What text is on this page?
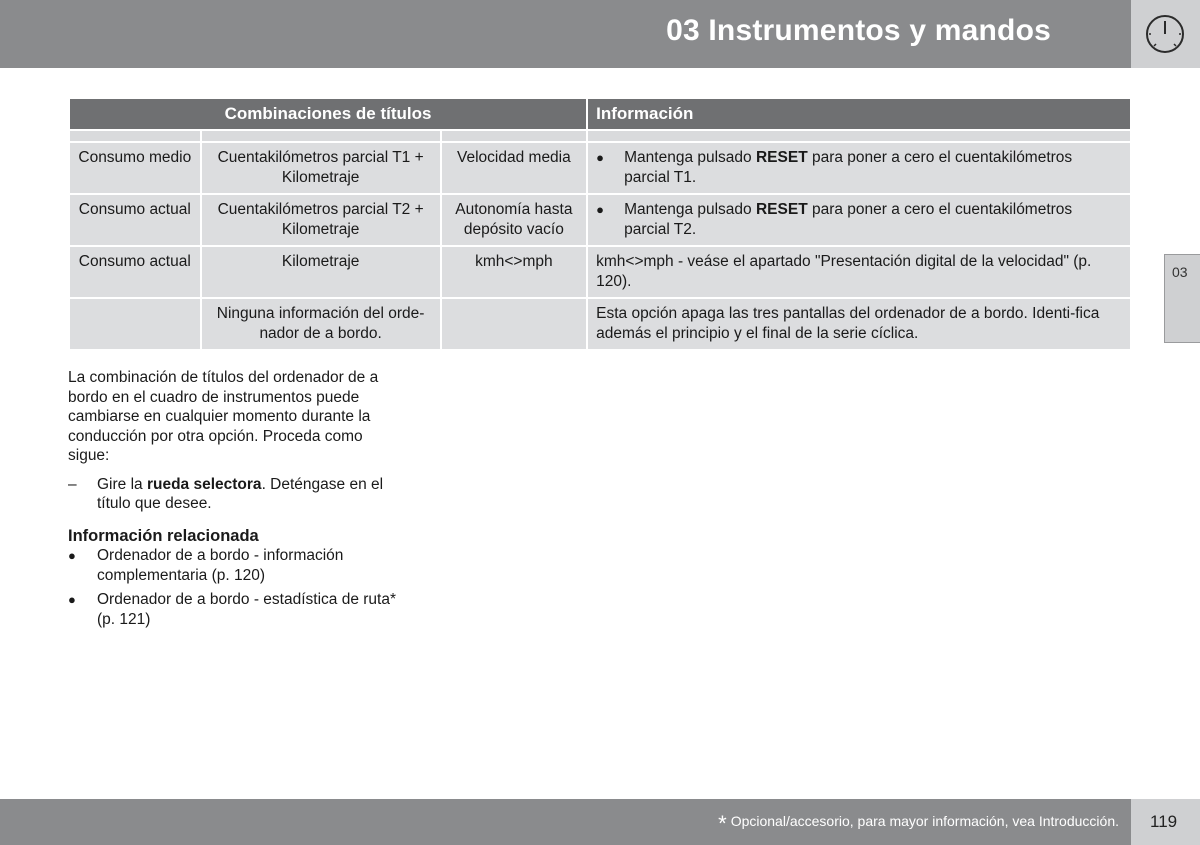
03 Instrumentos y mandos
Combinaciones de títulos			Información

Consumo medio	Cuentakilómetros parcial T1 + Kilometraje	Velocidad media	● Mantenga pulsado RESET para poner a cero el cuentakilómetros parcial T1.

Consumo actual	Cuentakilómetros parcial T2 + Kilometraje	Autonomía hasta depósito vacío	● Mantenga pulsado RESET para poner a cero el cuentakilómetros parcial T2.

Consumo actual	Kilometraje	kmh<>mph	kmh<>mph - veáse el apartado "Presentación digital de la velocidad" (p. 120).
	Ninguna información del orde-nador de a bordo.		Esta opción apaga las tres pantallas del ordenador de a bordo. Identi-fica además el principio y el final de la serie cíclica.

La combinación de títulos del ordenador de a bordo en el cuadro de instrumentos puede cambiarse en cualquier momento durante la conducción por otra opción. Proceda como sigue:

–	Gire la rueda selectora. Deténgase en el título que desee.
Información relacionada
●	Ordenador de a bordo - información complementaria (p. 120)
●	Ordenador de a bordo - estadística de ruta* (p. 121)
03
* Opcional/accesorio, para mayor información, vea Introducción. 119
